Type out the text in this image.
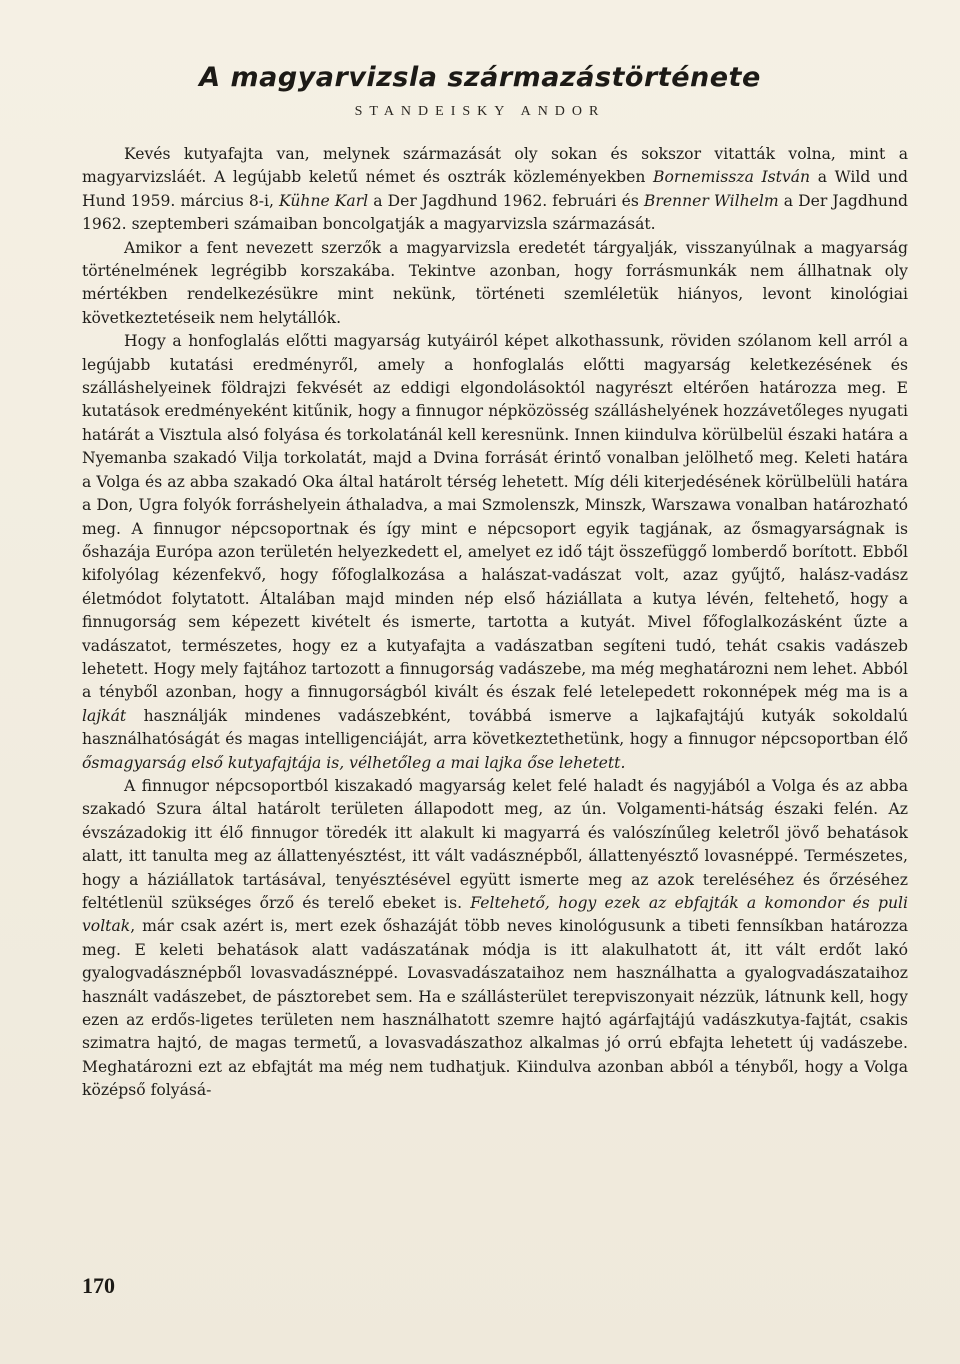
A magyarvizsla származástörténete
STANDEISKY ANDOR

Kevés kutyafajta van, melynek származását oly sokan és sokszor vitatták volna, mint a magyarvizsláét. A legújabb keletű német és osztrák közleményekben Bornemissza István a Wild und Hund 1959. március 8-i, Kühne Karl a Der Jagdhund 1962. februári és Brenner Wilhelm a Der Jagdhund 1962. szeptemberi számaiban boncolgatják a magyarvizsla származását.

Amikor a fent nevezett szerzők a magyarvizsla eredetét tárgyalják, visszanyúlnak a magyarság történelmének legrégibb korszakába. Tekintve azonban, hogy forrásmunkák nem állhatnak oly mértékben rendelkezésükre mint nekünk, történeti szemléletük hiányos, levont kinológiai következtetéseik nem helytállók.

Hogy a honfoglalás előtti magyarság kutyáiról képet alkothassunk, röviden szólanom kell arról a legújabb kutatási eredményről, amely a honfoglalás előtti magyarság keletkezésének és szálláshelyeinek földrajzi fekvését az eddigi elgondolásoktól nagyrészt eltérően határozza meg. E kutatások eredményeként kitűnik, hogy a finnugor népközösség szálláshelyének hozzávetőleges nyugati határát a Visztula alsó folyása és torkolatánál kell keresnünk. Innen kiindulva körülbelül északi határa a Nyemanba szakadó Vilja torkolatát, majd a Dvina forrását érintő vonalban jelölhető meg. Keleti határa a Volga és az abba szakadó Oka által határolt térség lehetett. Míg déli kiterjedésének körülbelüli határa a Don, Ugra folyók forráshelyein áthaladva, a mai Szmolenszk, Minszk, Warszawa vonalban határozható meg. A finnugor népcsoportnak és így mint e népcsoport egyik tagjának, az ősmagyarságnak is őshazája Európa azon területén helyezkedett el, amelyet ez idő tájt összefüggő lomberdő borított. Ebből kifolyólag kézenfekvő, hogy főfoglalkozása a halászat-vadászat volt, azaz gyűjtő, halász-vadász életmódot folytatott. Általában majd minden nép első háziállata a kutya lévén, feltehető, hogy a finnugorság sem képezett kivételt és ismerte, tartotta a kutyát. Mivel főfoglalkozásként űzte a vadászatot, természetes, hogy ez a kutyafajta a vadászatban segíteni tudó, tehát csakis vadászeb lehetett. Hogy mely fajtához tartozott a finnugorság vadászebe, ma még meghatározni nem lehet. Abból a tényből azonban, hogy a finnugorságból kivált és észak felé letelepedett rokonnépek még ma is a lajkát használják mindenes vadászebként, továbbá ismerve a lajkafajtájú kutyák sokoldalú használhatóságát és magas intelligenciáját, arra következtethetünk, hogy a finnugor népcsoportban élő ősmagyarság első kutyafajtája is, vélhetőleg a mai lajka őse lehetett.

A finnugor népcsoportból kiszakadó magyarság kelet felé haladt és nagyjából a Volga és az abba szakadó Szura által határolt területen állapodott meg, az ún. Volgamenti-hátság északi felén. Az évszázadokig itt élő finnugor töredék itt alakult ki magyarrá és valószínűleg keletről jövő behatások alatt, itt tanulta meg az állattenyésztést, itt vált vadásznépből, állattenyésztő lovasnéppé. Természetes, hogy a háziállatok tartásával, tenyésztésével együtt ismerte meg az azok tereléséhez és őrzéséhez feltétlenül szükséges őrző és terelő ebeket is. Feltehető, hogy ezek az ebfajták a komondor és puli voltak, már csak azért is, mert ezek őshazáját több neves kinológusunk a tibeti fennsíkban határozza meg. E keleti behatások alatt vadászatának módja is itt alakulhatott át, itt vált erdőt lakó gyalogvadásznépből lovasvadásznéppé. Lovasvadászataihoz nem használhatta a gyalogvadászataihoz használt vadászebet, de pásztorebet sem. Ha e szállásterület terepviszonyait nézzük, látnunk kell, hogy ezen az erdős-ligetes területen nem használhatott szemre hajtó agárfajtájú vadászkutya-fajtát, csakis szimatra hajtó, de magas termetű, a lovasvadászathoz alkalmas jó orrú ebfajta lehetett új vadászebe. Meghatározni ezt az ebfajtát ma még nem tudhatjuk. Kiindulva azonban abból a tényből, hogy a Volga középső folyásá-

170
